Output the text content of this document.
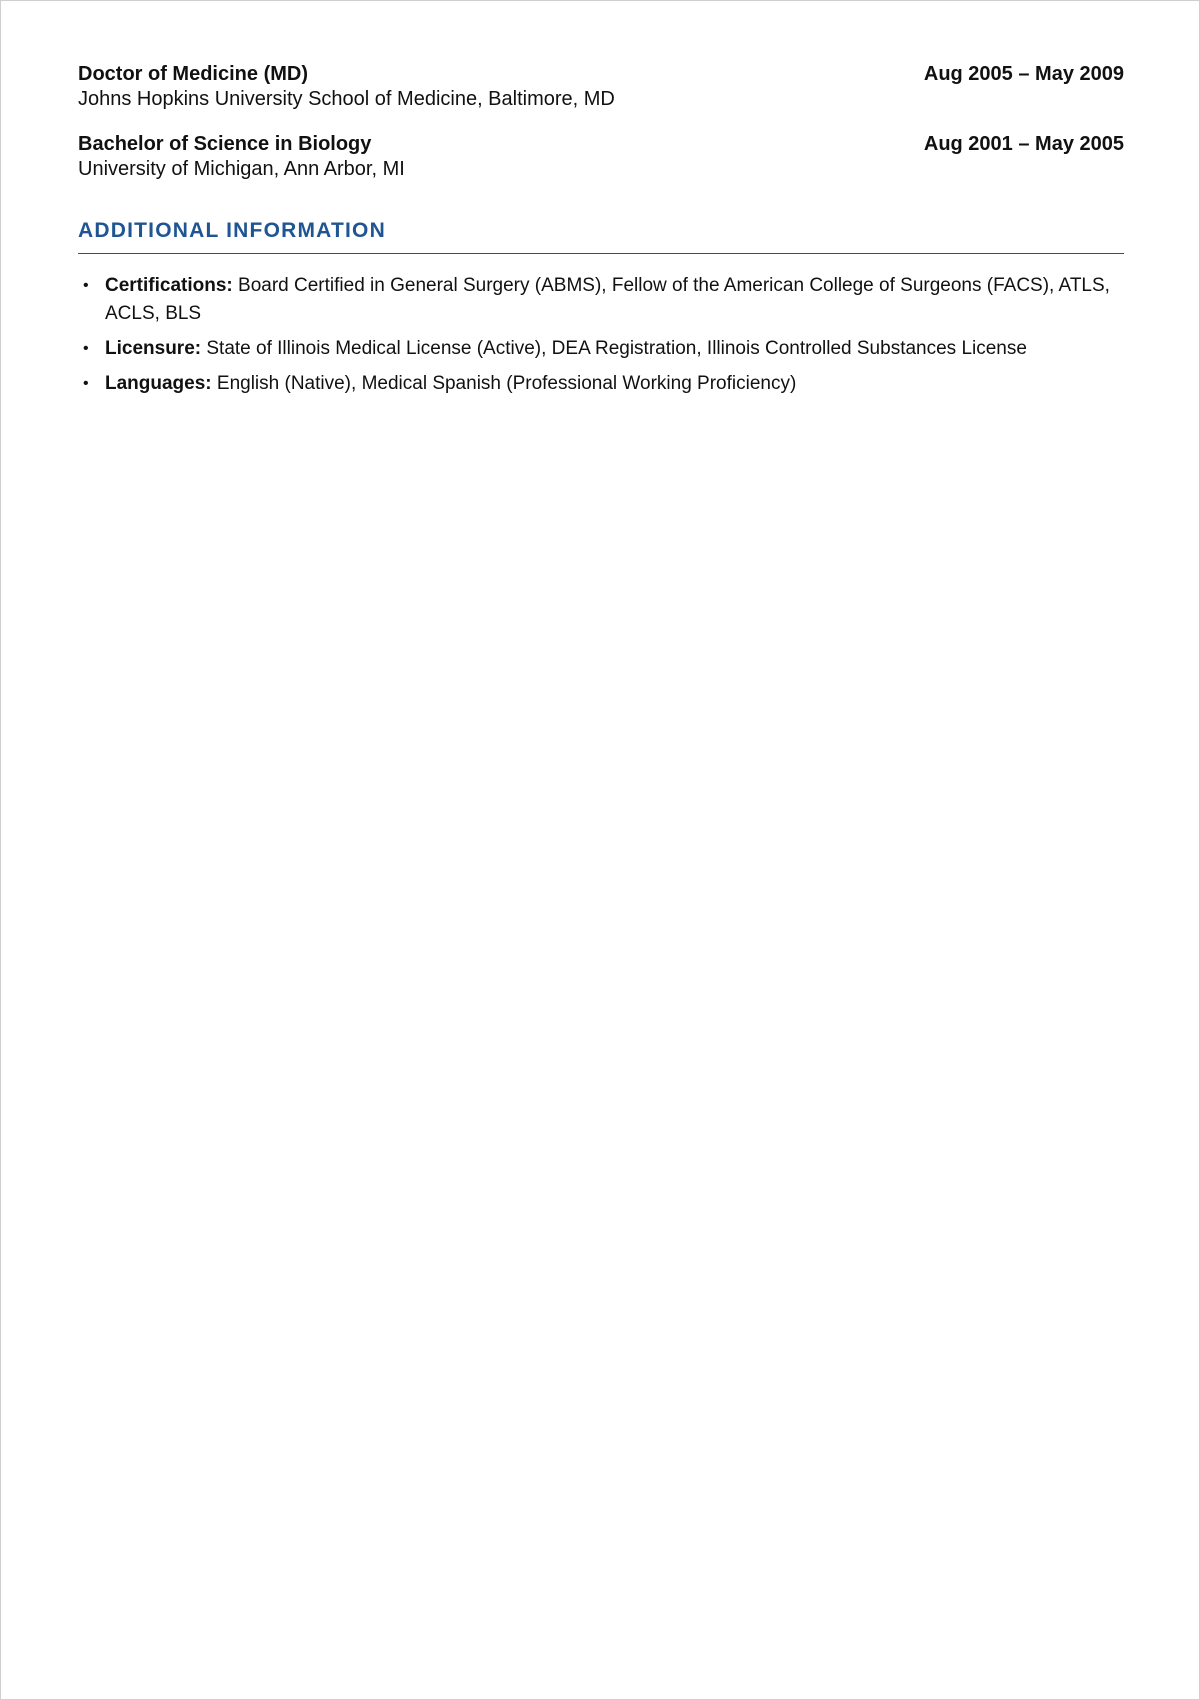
Doctor of Medicine (MD)	Aug 2005 – May 2009
Johns Hopkins University School of Medicine, Baltimore, MD
Bachelor of Science in Biology	Aug 2001 – May 2005
University of Michigan, Ann Arbor, MI
ADDITIONAL INFORMATION
• Certifications: Board Certified in General Surgery (ABMS), Fellow of the American College of Surgeons (FACS), ATLS, ACLS, BLS
• Licensure: State of Illinois Medical License (Active), DEA Registration, Illinois Controlled Substances License
• Languages: English (Native), Medical Spanish (Professional Working Proficiency)
